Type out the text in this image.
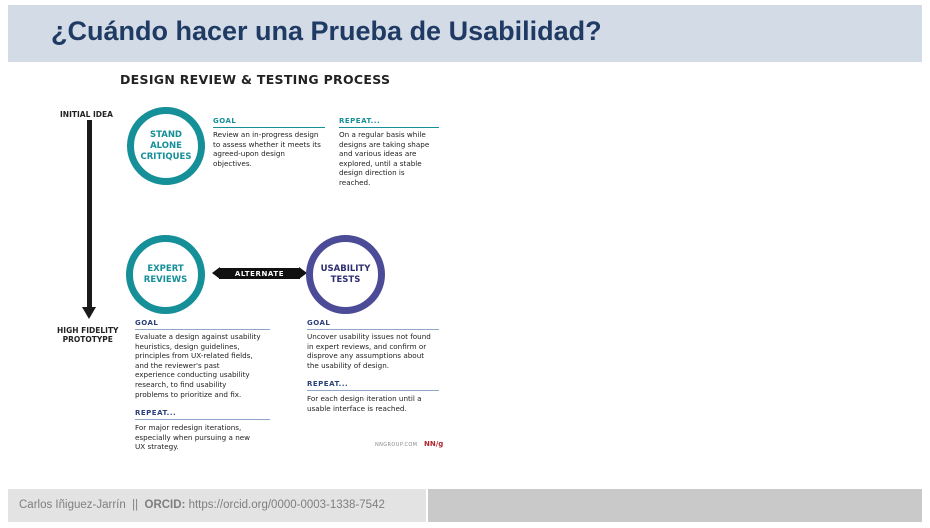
¿Cuándo hacer una Prueba de Usabilidad?
DESIGN REVIEW & TESTING PROCESS
INITIAL IDEA
HIGH FIDELITY
PROTOTYPE
STAND
ALONE
CRITIQUES
GOAL
Review an in-progress design
to assess whether it meets its
agreed-upon design
objectives.
REPEAT...
On a regular basis while
designs are taking shape
and various ideas are
explored, until a stable
design direction is
reached.
EXPERT
REVIEWS
ALTERNATE	USABILITY
TESTS
GOAL
Evaluate a design against usability
heuristics, design guidelines,
principles from UX-related fields,
and the reviewer's past
experience conducting usability
research, to find usability
problems to prioritize and fix.
REPEAT...
For major redesign iterations,
especially when pursuing a new
UX strategy.
GOAL
Uncover usability issues not found
in expert reviews, and confirm or
disprove any assumptions about
the usability of design.
REPEAT...
For each design iteration until a
usable interface is reached.
NNGROUP.COM NN/g
Carlos Iñiguez-Jarrín || ORCID: https://orcid.org/0000-0003-1338-7542
